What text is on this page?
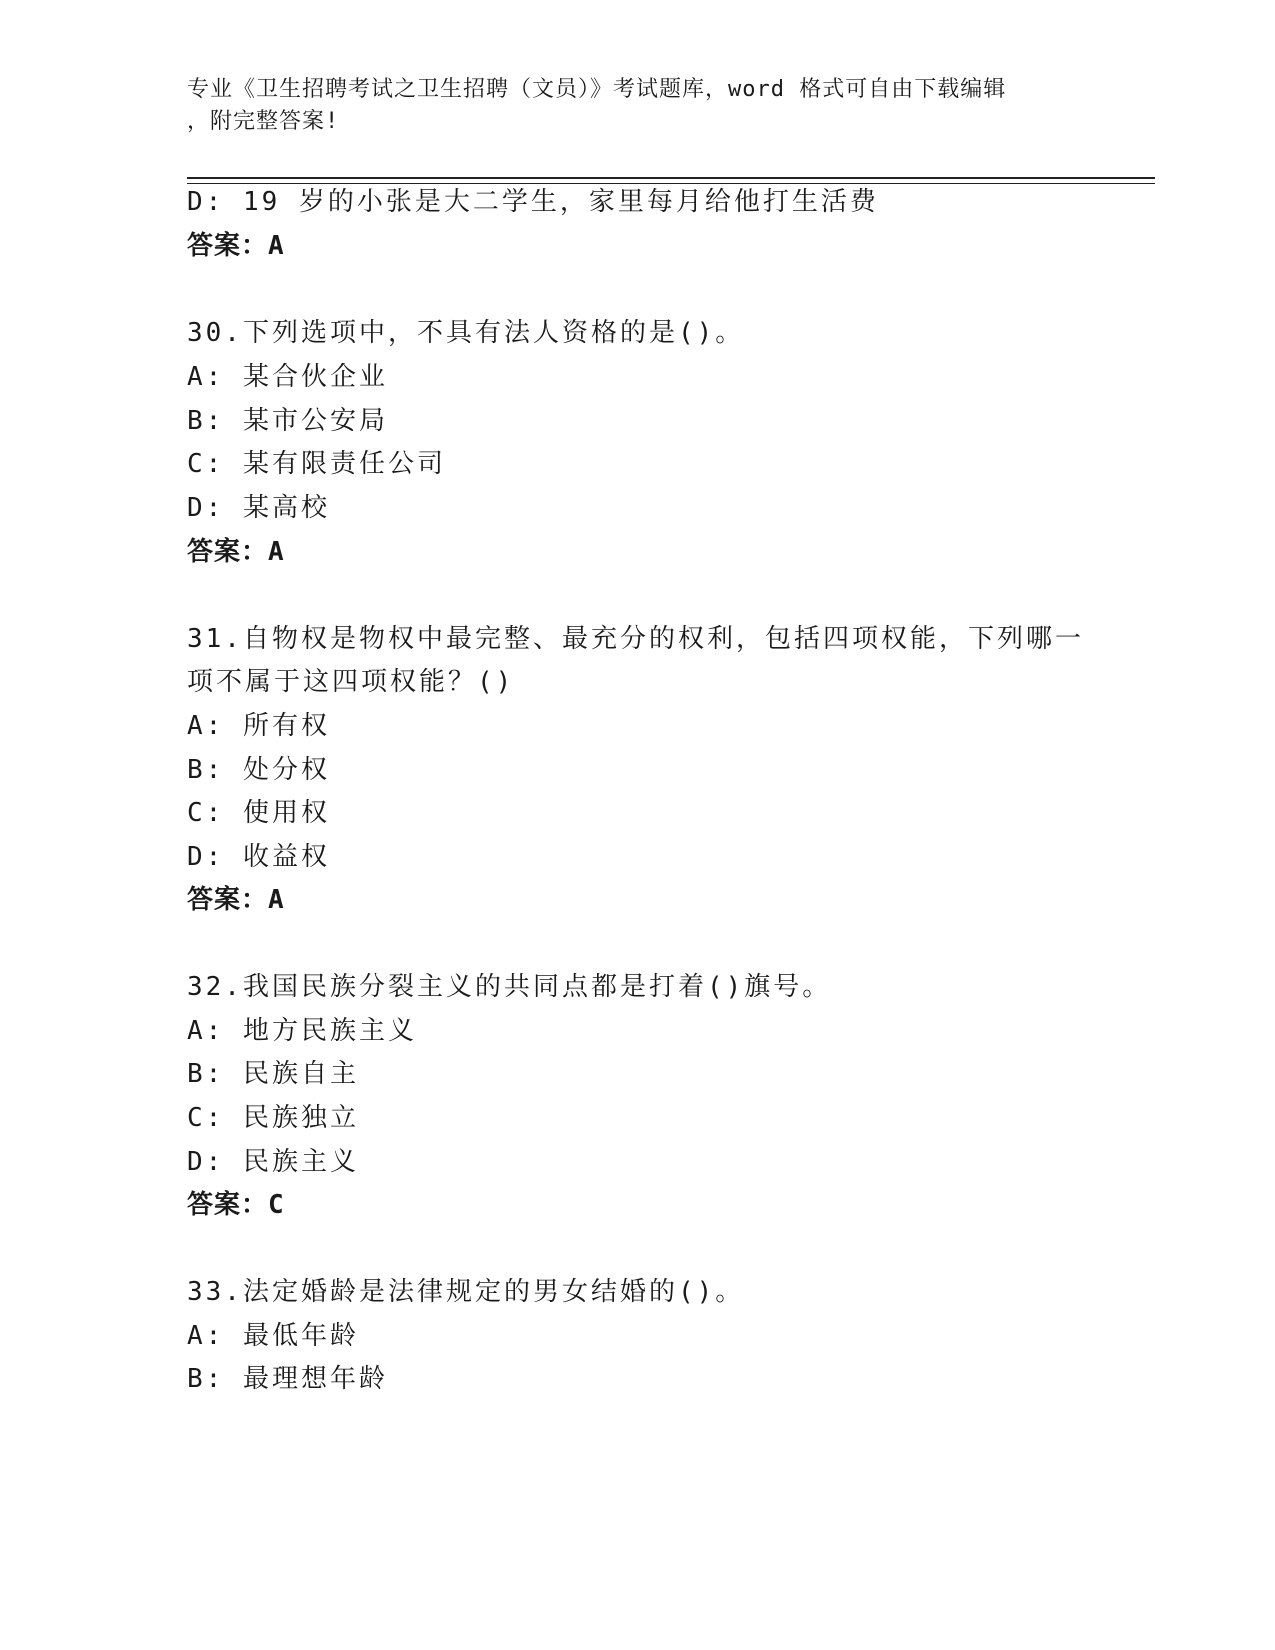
专业《卫生招聘考试之卫生招聘（文员）》考试题库，word 格式可自由下载编辑
，附完整答案!
D: 19 岁的小张是大二学生，家里每月给他打生活费
答案：A
30.下列选项中，不具有法人资格的是()。
A: 某合伙企业
B: 某市公安局
C: 某有限责任公司
D: 某高校
答案：A
31.自物权是物权中最完整、最充分的权利，包括四项权能，下列哪一
项不属于这四项权能？()
A: 所有权
B: 处分权
C: 使用权
D: 收益权
答案：A
32.我国民族分裂主义的共同点都是打着()旗号。
A: 地方民族主义
B: 民族自主
C: 民族独立
D: 民族主义
答案：C
33.法定婚龄是法律规定的男女结婚的()。
A: 最低年龄
B: 最理想年龄
